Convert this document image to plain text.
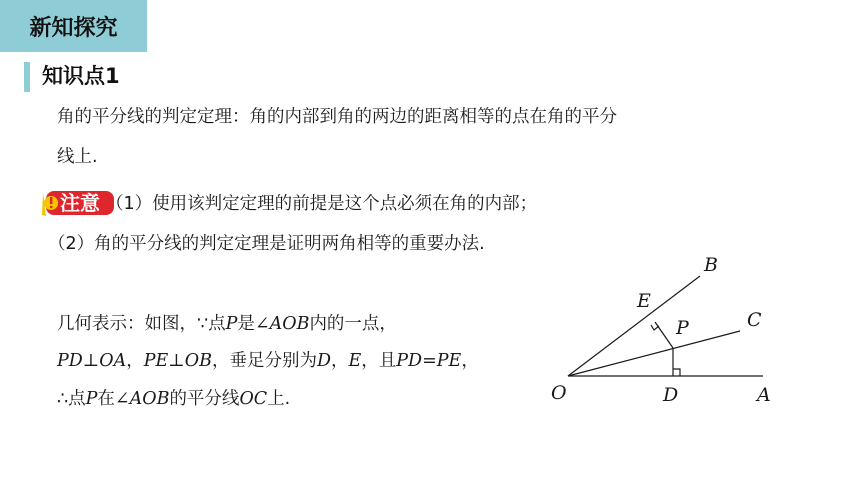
新知探究
知识点1
角的平分线的判定定理：角的内部到角的两边的距离相等的点在角的平分
线上.
注意 （1）使用该判定定理的前提是这个点必须在角的内部；
（2）角的平分线的判定定理是证明两角相等的重要办法.
几何表示：如图，∵点P是∠AOB内的一点，
PD⊥OA，PE⊥OB，垂足分别为D，E，且PD=PE，
∴点P在∠AOB的平分线OC上.	O	D	A
B
C
E
P
